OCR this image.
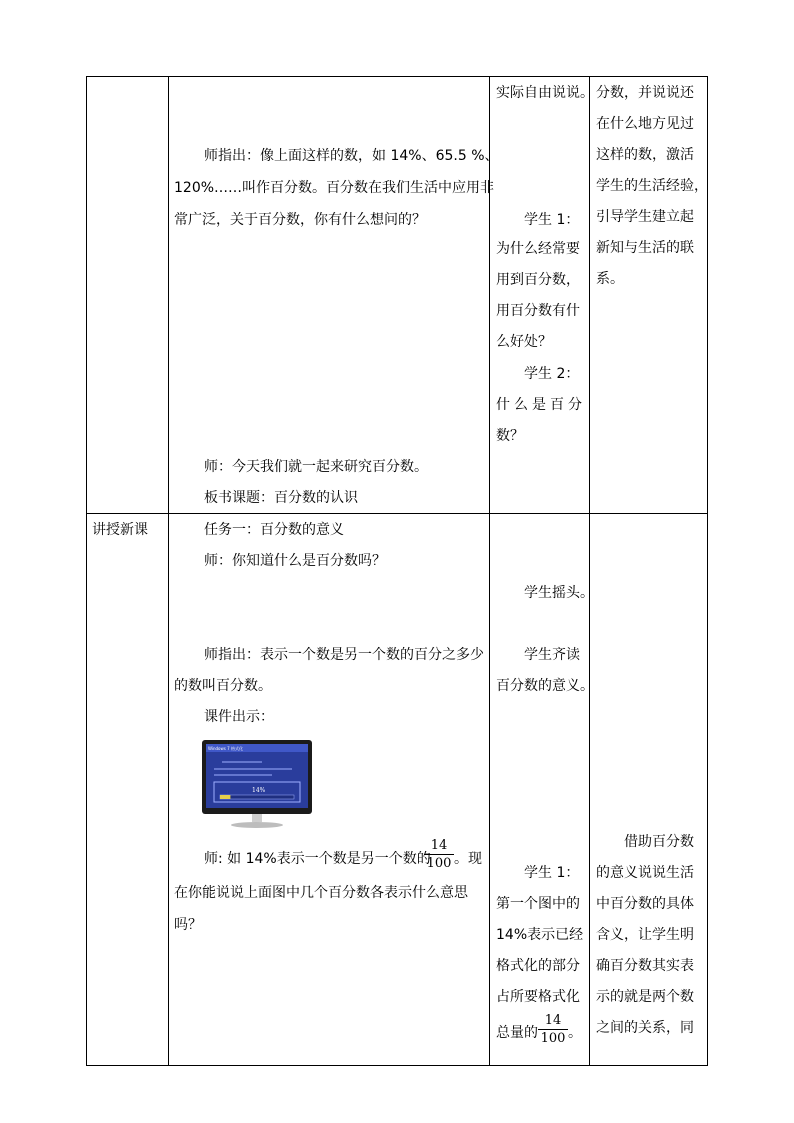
师指出：像上面这样的数，如 14%、65.5 %、
120%……叫作百分数。百分数在我们生活中应用非
常广泛，关于百分数，你有什么想问的？
师：今天我们就一起来研究百分数。
板书课题：百分数的认识
实际自由说说。
学生 1：
为什么经常要
用到百分数，
用百分数有什
么好处？
学生 2：
什么是百分
数？
分数，并说说还
在什么地方见过
这样的数，激活
学生的生活经验，
引导学生建立起
新知与生活的联
系。
讲授新课	任务一：百分数的意义
师：你知道什么是百分数吗？
师指出：表示一个数是另一个数的百分之多少
的数叫百分数。
课件出示：
Windows 7 格式化
14%
师: 如 14%表示一个数是另一个数的
$\frac{14}{100}$ 。现
在你能说说上面图中几个百分数各表示什么意思
吗？
学生摇头。
学生齐读
百分数的意义。
学生 1：
第一个图中的
14%表示已经
格式化的部分
占所要格式化
总量的 $\frac{14}{100}$ 。
借助百分数
的意义说说生活
中百分数的具体
含义，让学生明
确百分数其实表
示的就是两个数
之间的关系，同
